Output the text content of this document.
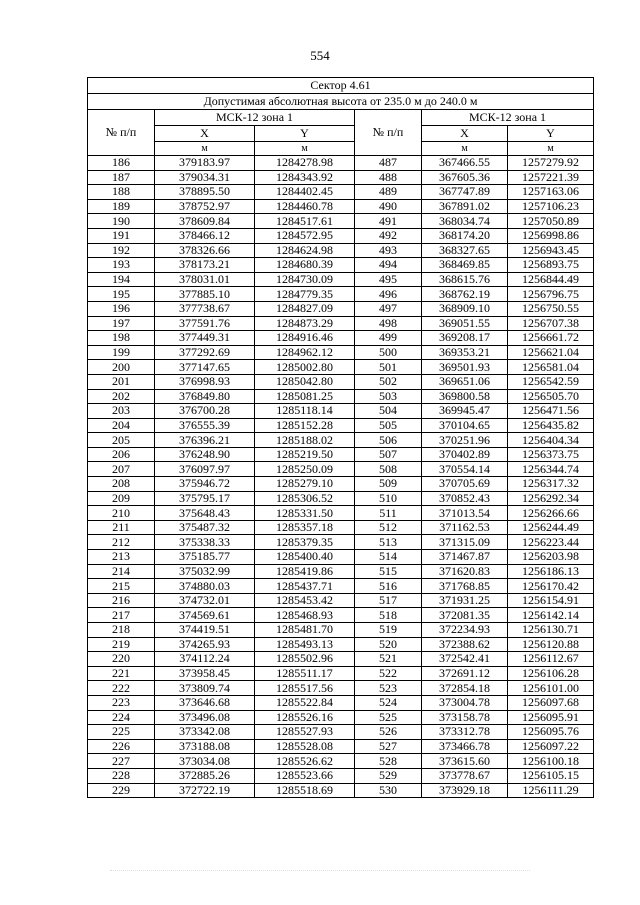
554
Сектор 4.61					
Допустимая абсолютная высота от 235.0 м до 240.0 м					
№ п/п	МСК-12 зона 1		№ п/п	МСК-12 зона 1	
	X	Y		X	Y
	м	м		м	м
186	379183.97	1284278.98	487	367466.55	1257279.92
187	379034.31	1284343.92	488	367605.36	1257221.39
188	378895.50	1284402.45	489	367747.89	1257163.06
189	378752.97	1284460.78	490	367891.02	1257106.23
190	378609.84	1284517.61	491	368034.74	1257050.89
191	378466.12	1284572.95	492	368174.20	1256998.86
192	378326.66	1284624.98	493	368327.65	1256943.45
193	378173.21	1284680.39	494	368469.85	1256893.75
194	378031.01	1284730.09	495	368615.76	1256844.49
195	377885.10	1284779.35	496	368762.19	1256796.75
196	377738.67	1284827.09	497	368909.10	1256750.55
197	377591.76	1284873.29	498	369051.55	1256707.38
198	377449.31	1284916.46	499	369208.17	1256661.72
199	377292.69	1284962.12	500	369353.21	1256621.04
200	377147.65	1285002.80	501	369501.93	1256581.04
201	376998.93	1285042.80	502	369651.06	1256542.59
202	376849.80	1285081.25	503	369800.58	1256505.70
203	376700.28	1285118.14	504	369945.47	1256471.56
204	376555.39	1285152.28	505	370104.65	1256435.82
205	376396.21	1285188.02	506	370251.96	1256404.34
206	376248.90	1285219.50	507	370402.89	1256373.75
207	376097.97	1285250.09	508	370554.14	1256344.74
208	375946.72	1285279.10	509	370705.69	1256317.32
209	375795.17	1285306.52	510	370852.43	1256292.34
210	375648.43	1285331.50	511	371013.54	1256266.66
211	375487.32	1285357.18	512	371162.53	1256244.49
212	375338.33	1285379.35	513	371315.09	1256223.44
213	375185.77	1285400.40	514	371467.87	1256203.98
214	375032.99	1285419.86	515	371620.83	1256186.13
215	374880.03	1285437.71	516	371768.85	1256170.42
216	374732.01	1285453.42	517	371931.25	1256154.91
217	374569.61	1285468.93	518	372081.35	1256142.14
218	374419.51	1285481.70	519	372234.93	1256130.71
219	374265.93	1285493.13	520	372388.62	1256120.88
220	374112.24	1285502.96	521	372542.41	1256112.67
221	373958.45	1285511.17	522	372691.12	1256106.28
222	373809.74	1285517.56	523	372854.18	1256101.00
223	373646.68	1285522.84	524	373004.78	1256097.68
224	373496.08	1285526.16	525	373158.78	1256095.91
225	373342.08	1285527.93	526	373312.78	1256095.76
226	373188.08	1285528.08	527	373466.78	1256097.22
227	373034.08	1285526.62	528	373615.60	1256100.18
228	372885.26	1285523.66	529	373778.67	1256105.15
229	372722.19	1285518.69	530	373929.18	1256111.29
